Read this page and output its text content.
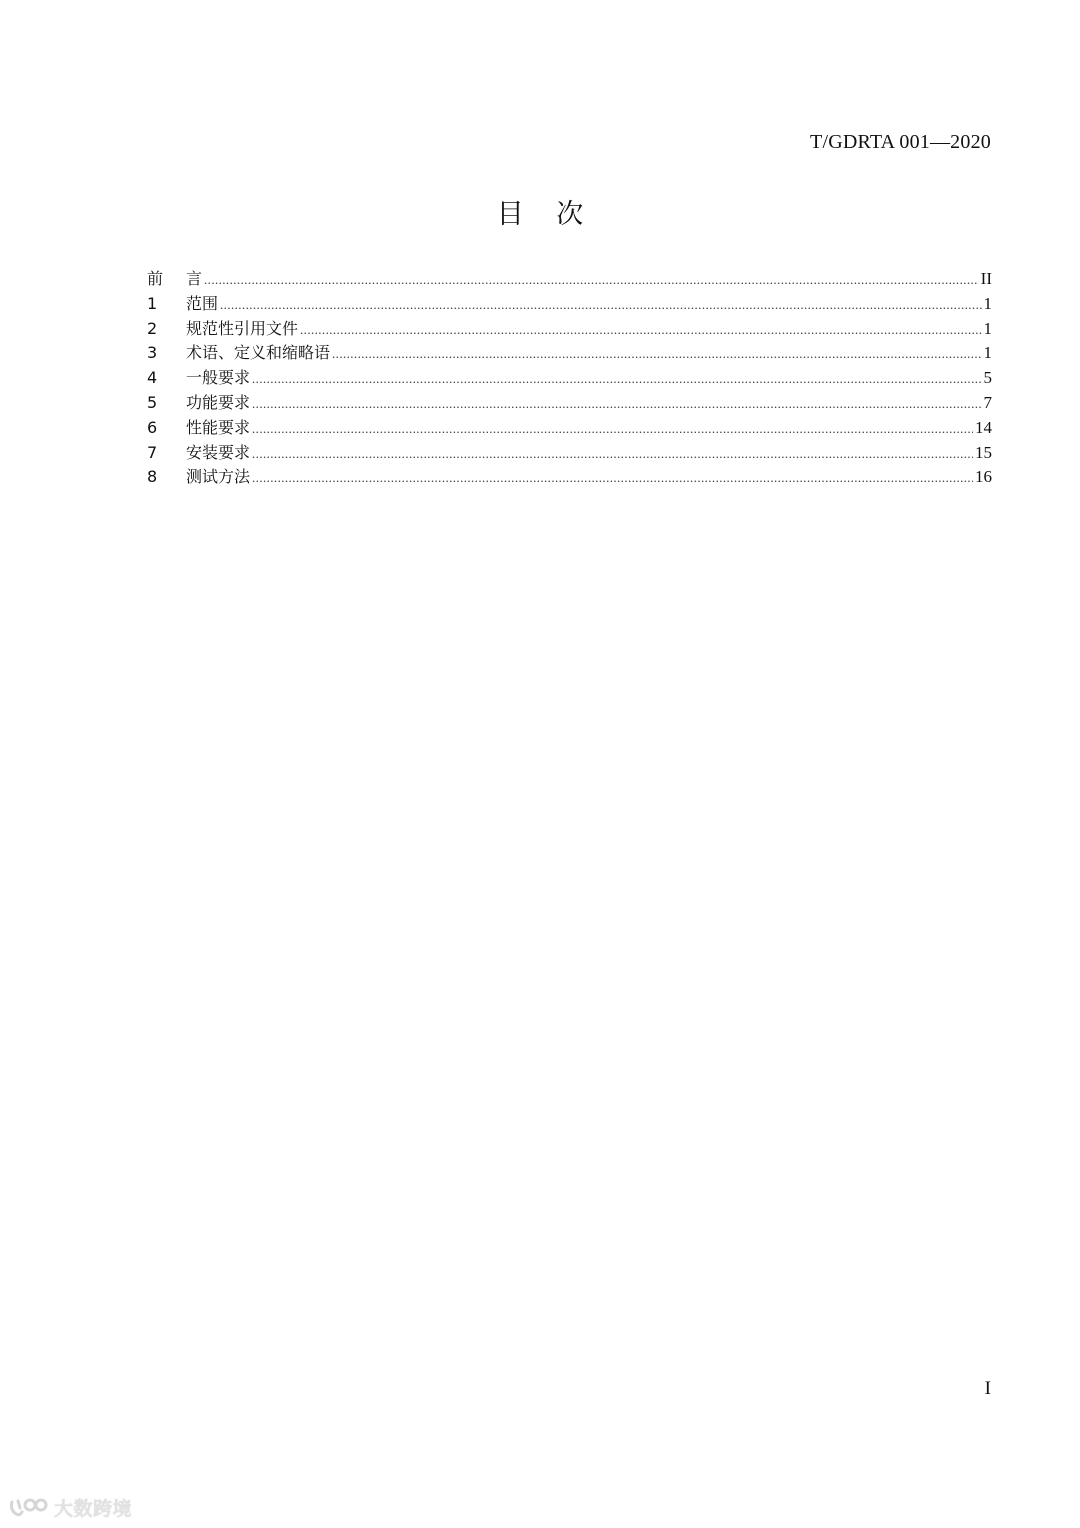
T/GDRTA 001—2020
目 次
前	言 .....	II
1	范围 .....	1
2	规范性引用文件 .....	1
3	术语、定义和缩略语 .....	1
4	一般要求 .....	5
5	功能要求 .....	7
6	性能要求 .....	14
7	安装要求 .....	15
8	测试方法 .....	16
I
大数跨境
